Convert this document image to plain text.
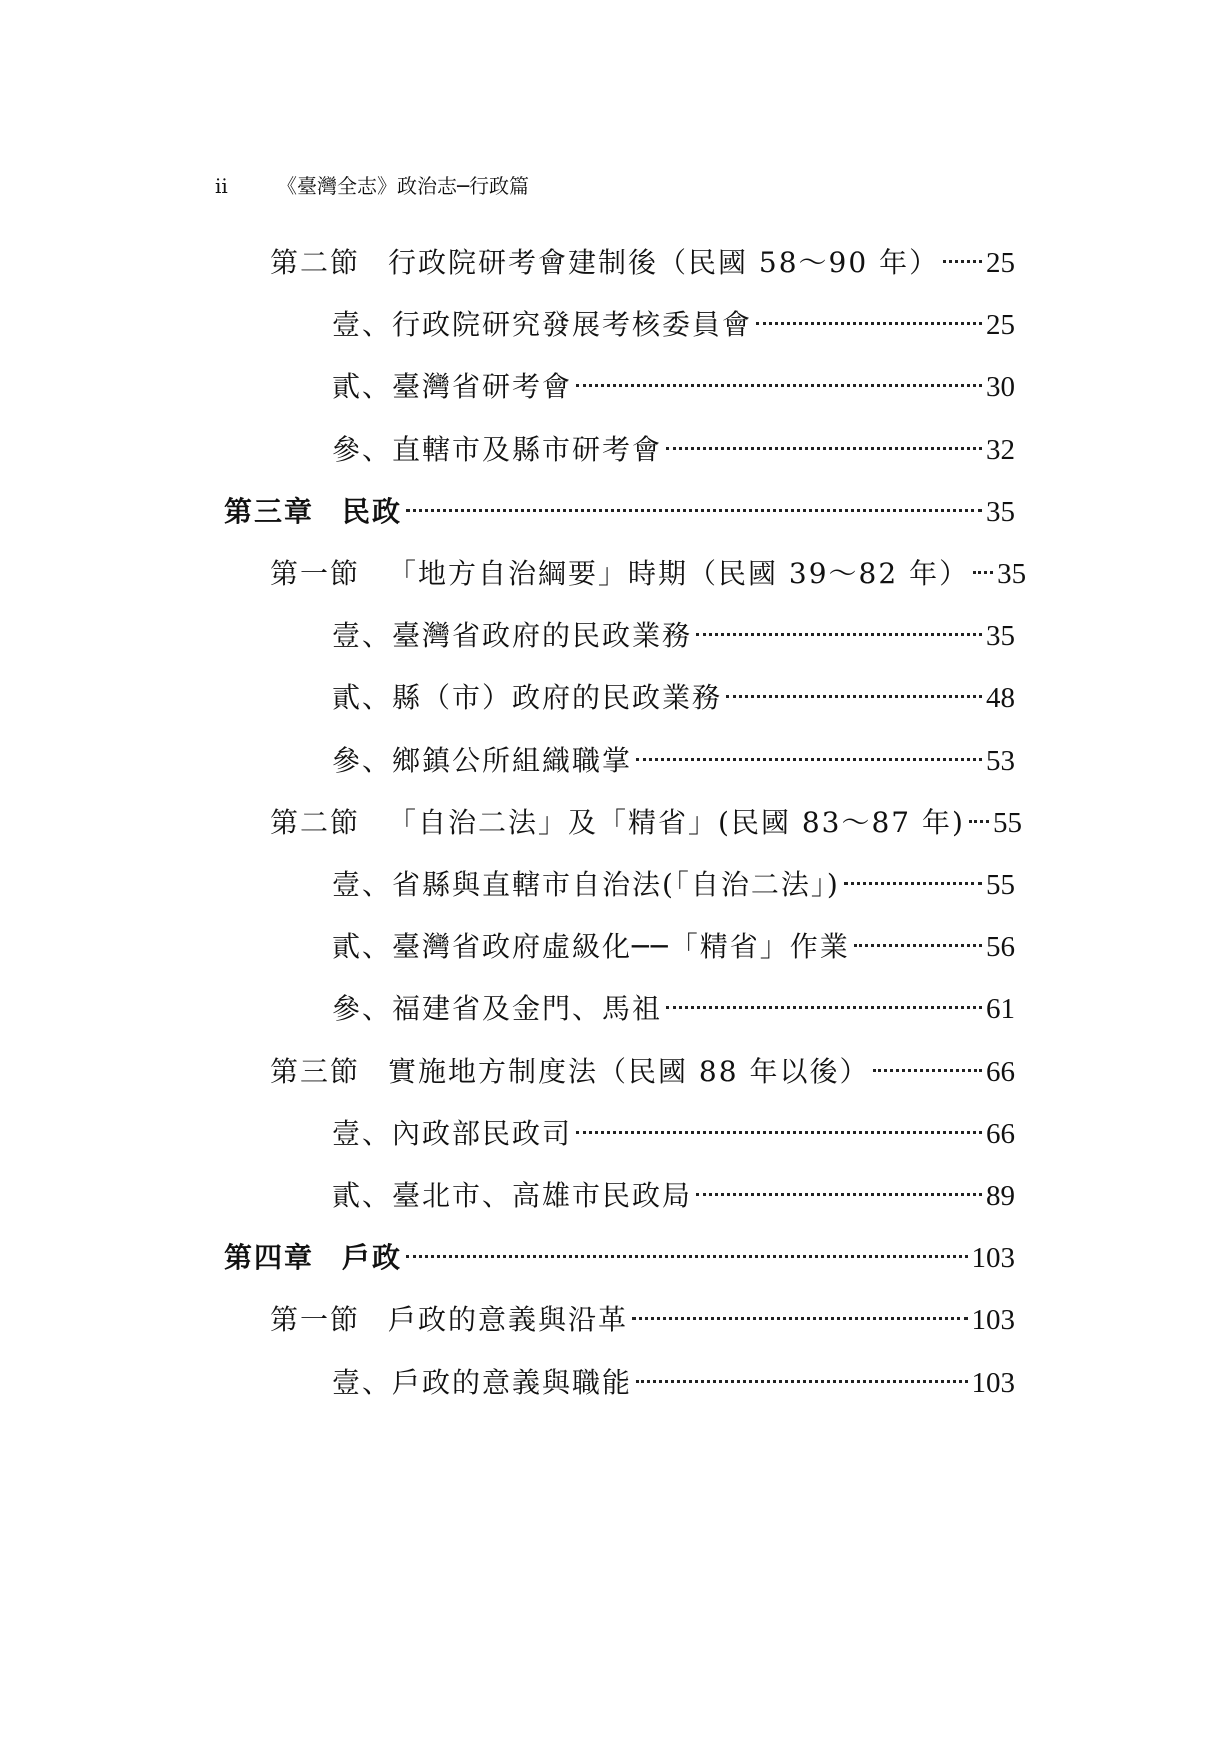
ii 《臺灣全志》政治志─行政篇
第二節 行政院研考會建制後（民國 58～90 年） 25
壹、行政院研究發展考核委員會	25
貳、臺灣省研考會	30
參、直轄市及縣市研考會	32
第三章 民政	35
第一節 「地方自治綱要」時期（民國 39～82 年） 35
壹、臺灣省政府的民政業務	35
貳、縣（市）政府的民政業務	48
參、鄉鎮公所組織職掌	53
第二節 「自治二法」及「精省」(民國 83～87 年) 55
壹、省縣與直轄市自治法(「自治二法」)	55
貳、臺灣省政府虛級化──「精省」作業	56
參、福建省及金門、馬祖	61
第三節 實施地方制度法（民國 88 年以後）	66
壹、內政部民政司	66
貳、臺北市、高雄市民政局	89
第四章 戶政	103
第一節 戶政的意義與沿革	103
壹、戶政的意義與職能	103
